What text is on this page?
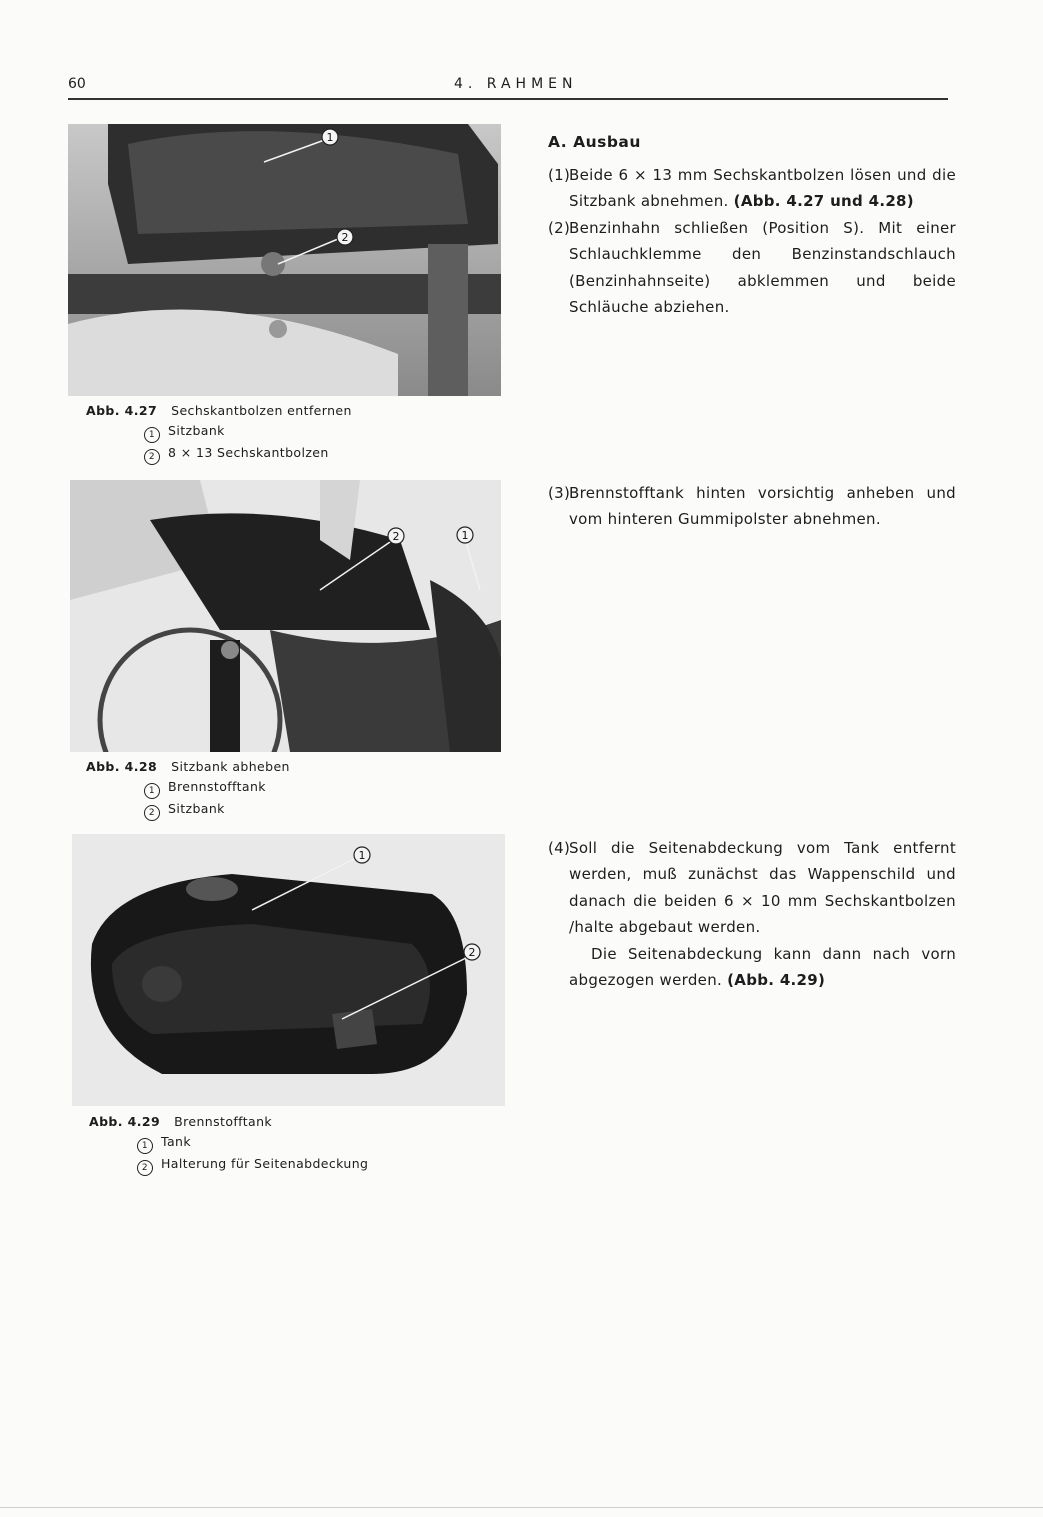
60	4. RAHMEN
1
2
Abb. 4.27 Sechskantbolzen entfernen
1 Sitzbank
2 8 × 13 Sechskantbolzen
2	1
Abb. 4.28 Sitzbank abheben
1 Brennstofftank
2 Sitzbank
1
2
Abb. 4.29 Brennstofftank
1 Tank
2 Halterung für Seitenabdeckung
A. Ausbau
(1)
Beide 6 × 13 mm Sechskantbolzen lösen und die Sitzbank abnehmen. (Abb. 4.27 und 4.28)
(2)
Benzinhahn schließen (Position S). Mit einer Schlauchklemme den Benzinstandschlauch (Benzinhahnseite) abklemmen und beide Schläuche abziehen.
(3)
Brennstofftank hinten vorsichtig anheben und vom hinteren Gummipolster abnehmen.
(4)
Soll die Seitenabdeckung vom Tank entfernt werden, muß zunächst das Wappenschild und danach die beiden 6 × 10 mm Sechskantbolzen /halte abgebaut werden.
Die Seitenabdeckung kann dann nach vorn abgezogen werden. (Abb. 4.29)
